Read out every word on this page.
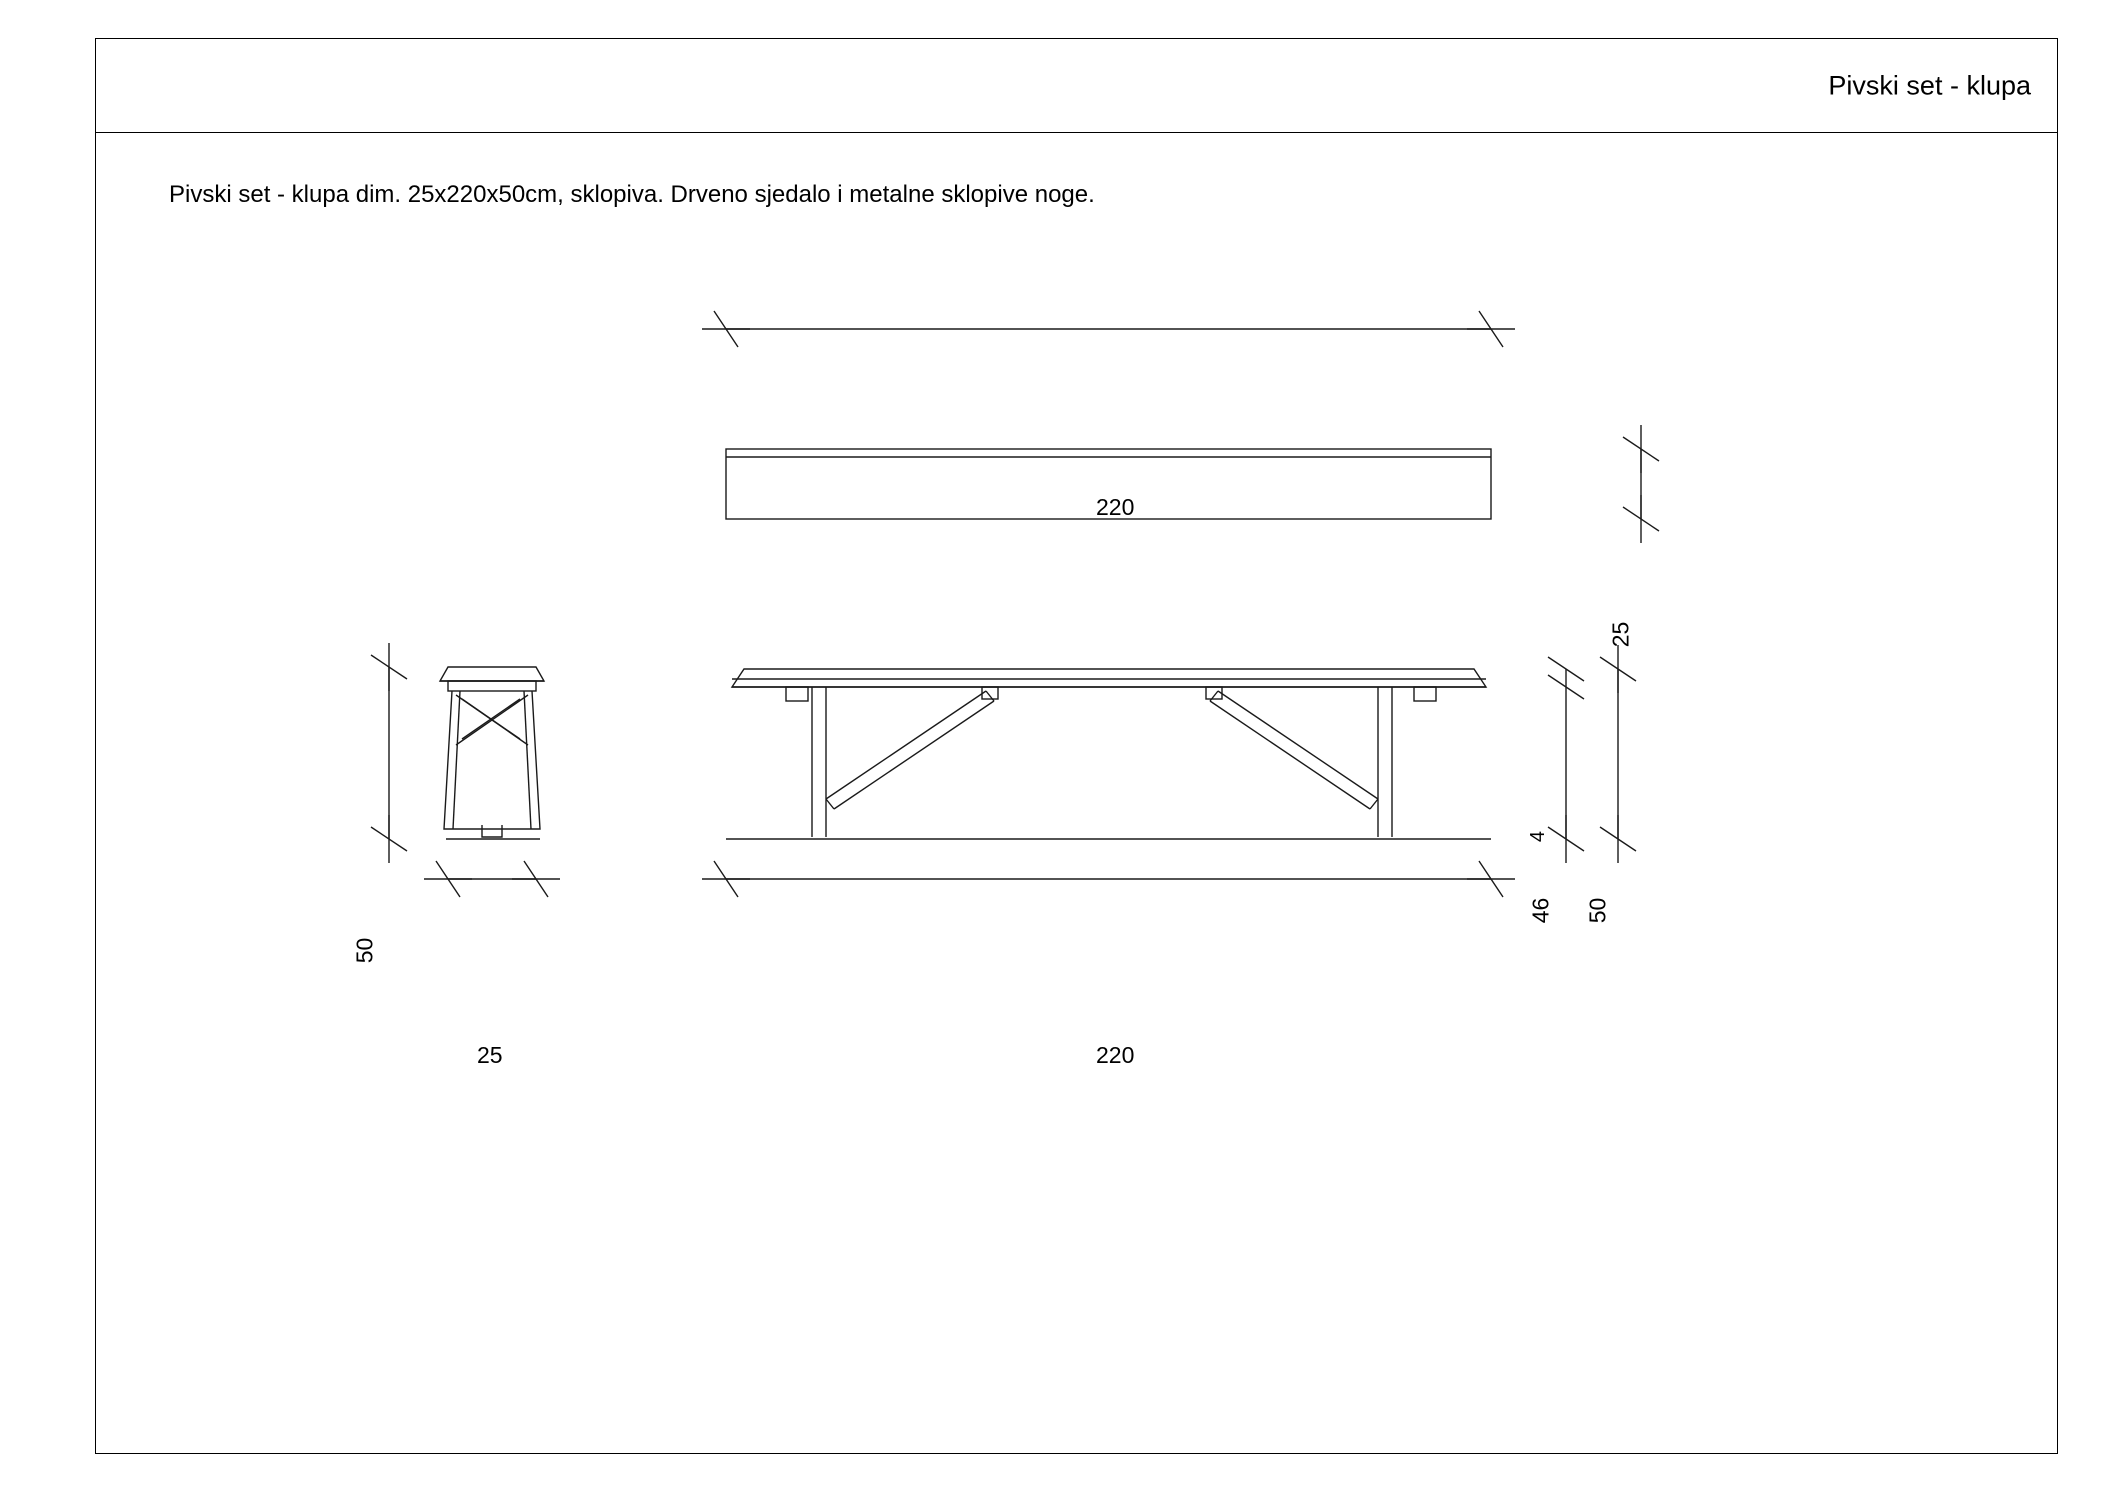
Pivski set - klupa
Pivski set - klupa dim. 25x220x50cm, sklopiva. Drveno sjedalo i metalne sklopive noge.
220
25
50
25	220
4
46 50
